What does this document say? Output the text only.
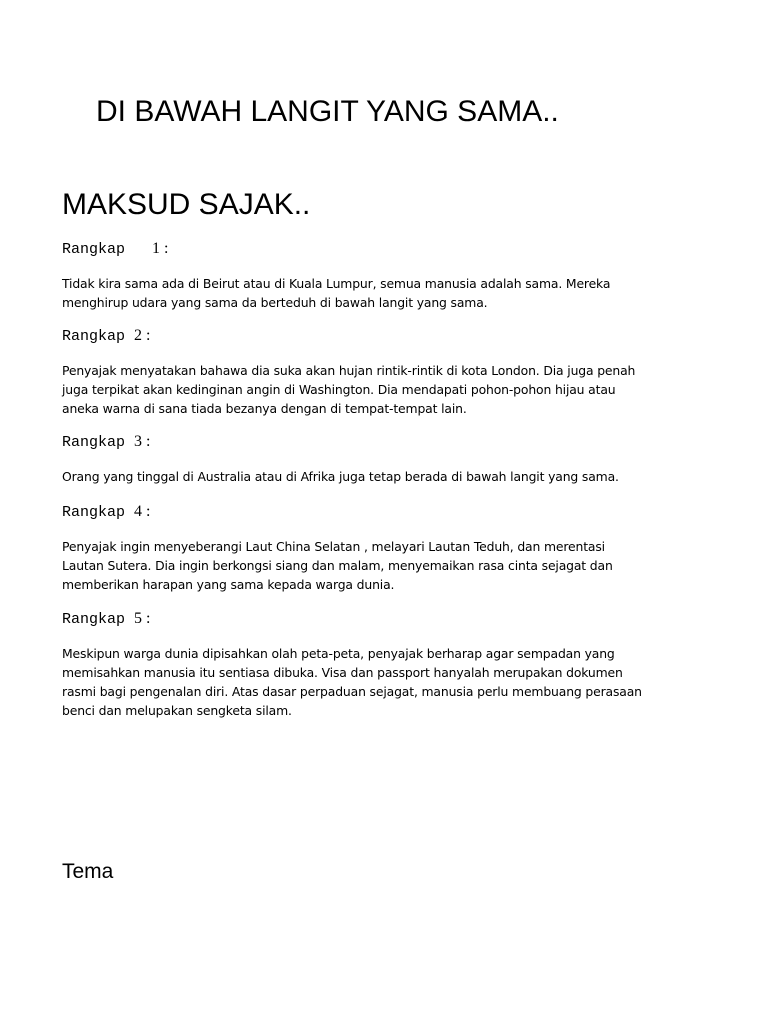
DI BAWAH LANGIT YANG SAMA..
MAKSUD SAJAK..

Rangkap 1 :

Tidak kira sama ada di Beirut atau di Kuala Lumpur, semua manusia adalah sama. Mereka
menghirup udara yang sama da berteduh di bawah langit yang sama.

Rangkap 2 :

Penyajak menyatakan bahawa dia suka akan hujan rintik-rintik di kota London. Dia juga penah
juga terpikat akan kedinginan angin di Washington. Dia mendapati pohon-pohon hijau atau
aneka warna di sana tiada bezanya dengan di tempat-tempat lain.

Rangkap 3 :

Orang yang tinggal di Australia atau di Afrika juga tetap berada di bawah langit yang sama.

Rangkap 4 :

Penyajak ingin menyeberangi Laut China Selatan , melayari Lautan Teduh, dan merentasi
Lautan Sutera. Dia ingin berkongsi siang dan malam, menyemaikan rasa cinta sejagat dan
memberikan harapan yang sama kepada warga dunia.

Rangkap 5 :

Meskipun warga dunia dipisahkan olah peta-peta, penyajak berharap agar sempadan yang
memisahkan manusia itu sentiasa dibuka. Visa dan passport hanyalah merupakan dokumen
rasmi bagi pengenalan diri. Atas dasar perpaduan sejagat, manusia perlu membuang perasaan
benci dan melupakan sengketa silam.
Tema
